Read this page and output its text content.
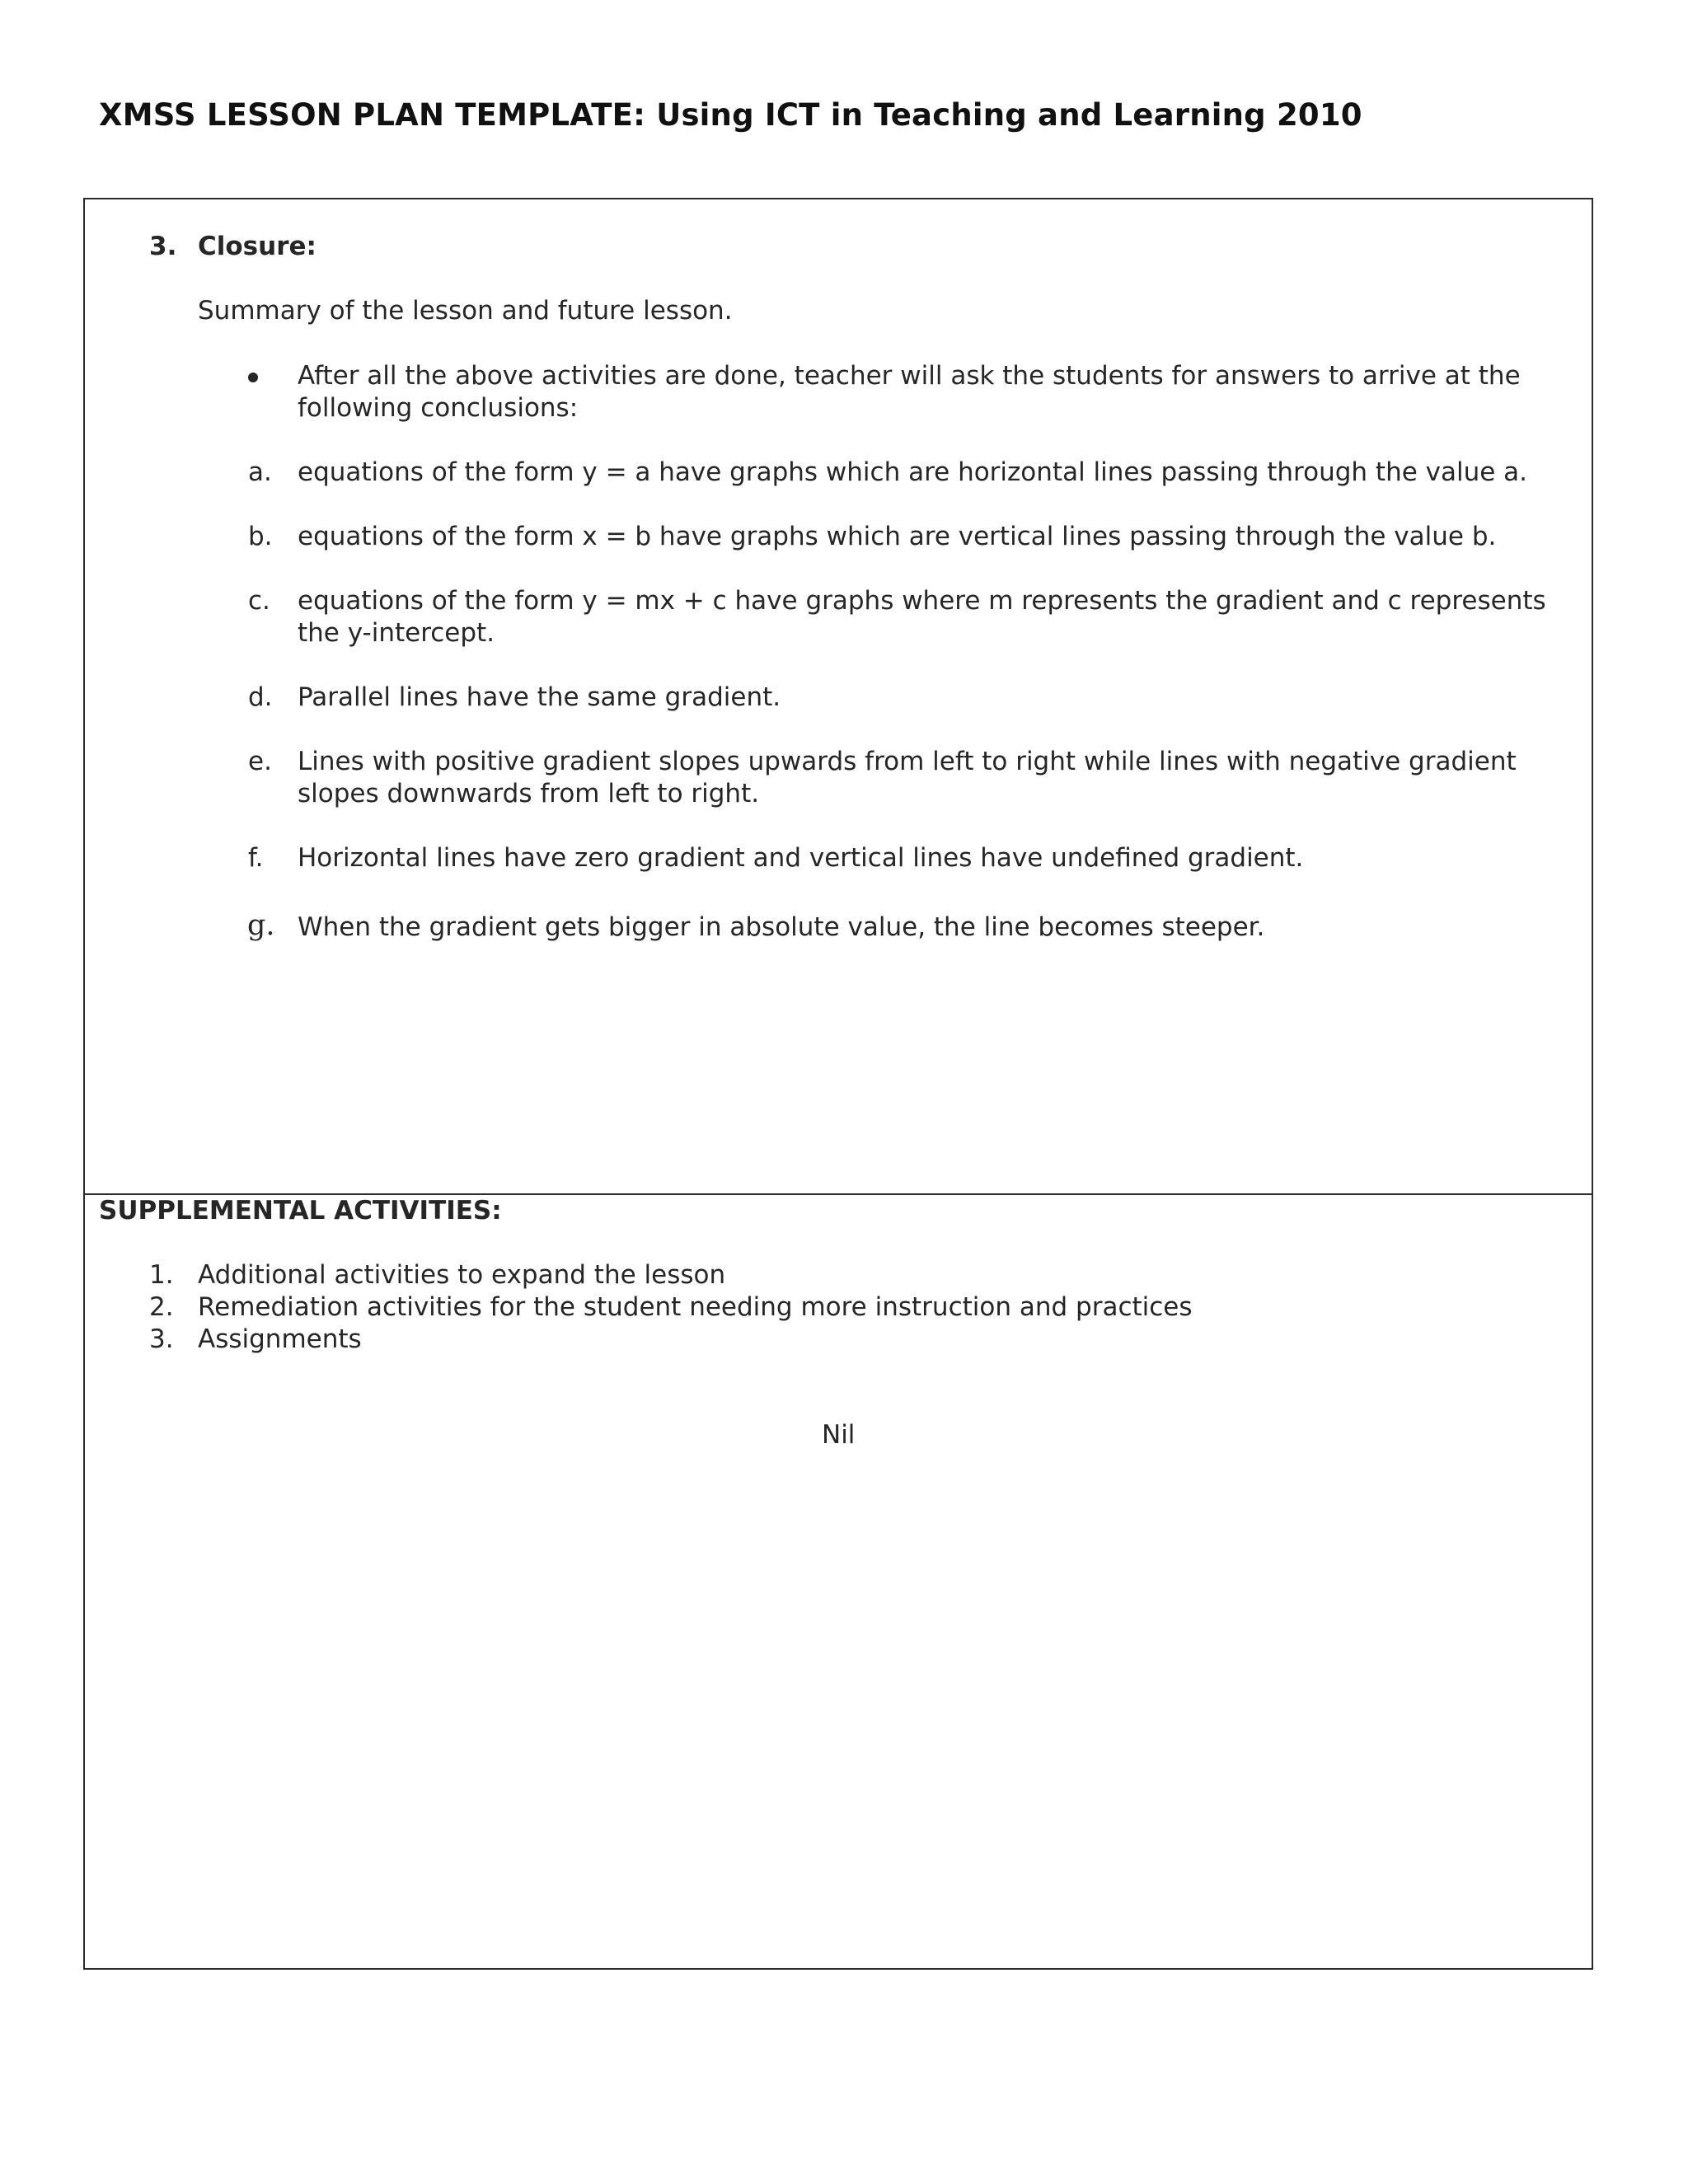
XMSS LESSON PLAN TEMPLATE: Using ICT in Teaching and Learning 2010
3. Closure:
Summary of the lesson and future lesson.
After all the above activities are done, teacher will ask the students for answers to arrive at the following conclusions:
a. equations of the form y = a have graphs which are horizontal lines passing through the value a.
b. equations of the form x = b have graphs which are vertical lines passing through the value b.
c. equations of the form y = mx + c have graphs where m represents the gradient and c represents the y-intercept.
d. Parallel lines have the same gradient.
e. Lines with positive gradient slopes upwards from left to right while lines with negative gradient slopes downwards from left to right.
f. Horizontal lines have zero gradient and vertical lines have undefined gradient.
g. When the gradient gets bigger in absolute value, the line becomes steeper.
SUPPLEMENTAL ACTIVITIES:
1. Additional activities to expand the lesson
2. Remediation activities for the student needing more instruction and practices
3. Assignments
Nil
